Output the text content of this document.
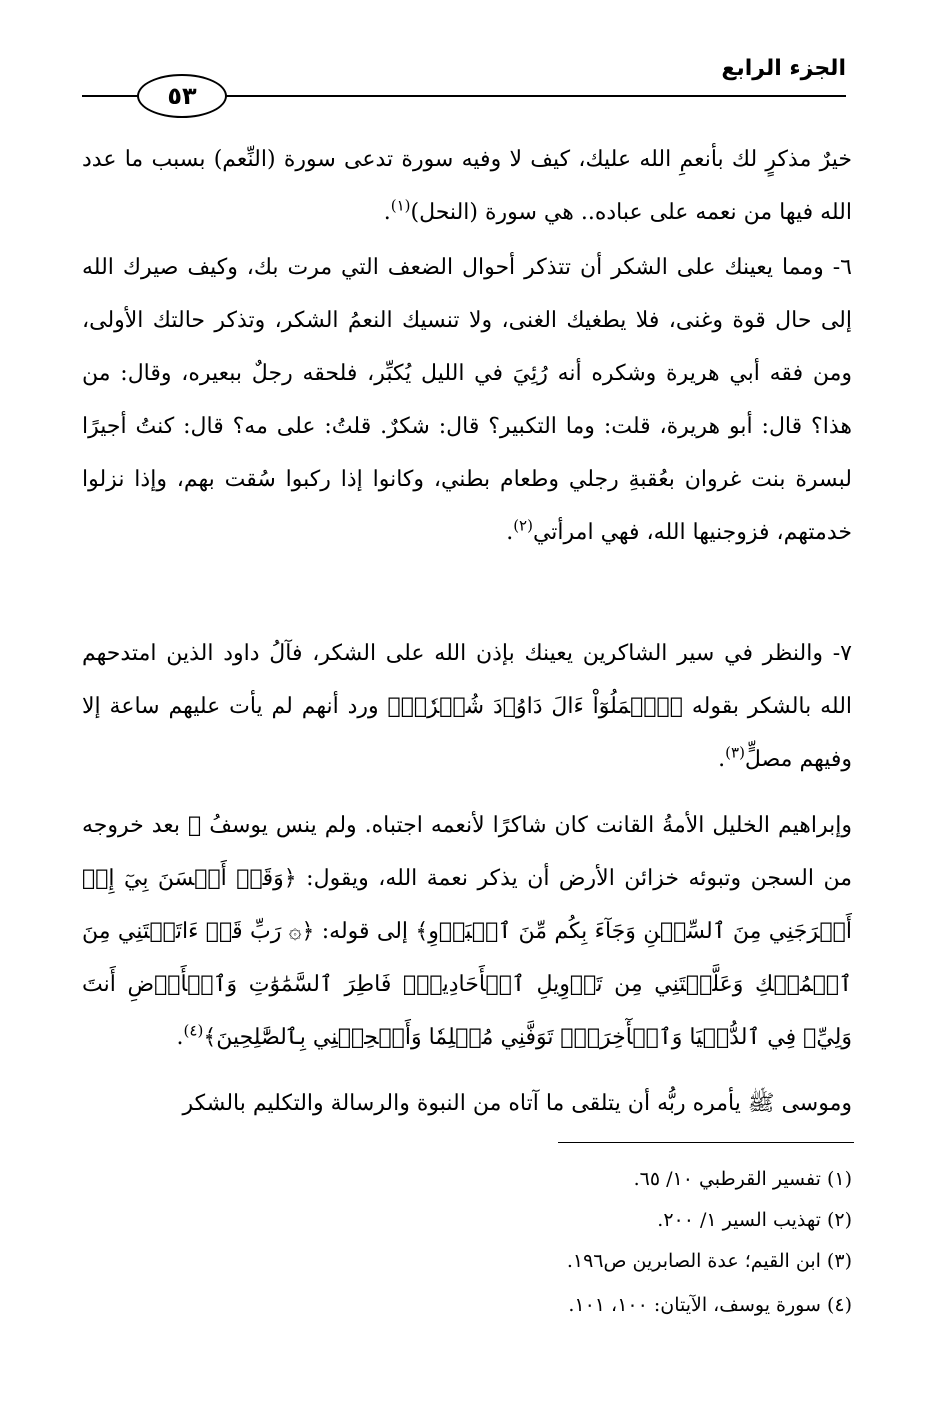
الجزء الرابع
٥٣

خيرٌ مذكرٍ لك بأنعمِ الله عليك، كيف لا وفيه سورة تدعى سورة (النِّعم) بسبب ما عدد الله فيها من نعمه على عباده.. هي سورة (النحل)$^{(١)}$.

٦- ومما يعينك على الشكر أن تتذكر أحوال الضعف التي مرت بك، وكيف صيرك الله إلى حال قوة وغنى، فلا يطغيك الغنى، ولا تنسيك النعمُ الشكر، وتذكر حالتك الأولى، ومن فقه أبي هريرة وشكره أنه رُئِيَ في الليل يُكبِّر، فلحقه رجلٌ ببعيره، وقال: من هذا؟ قال: أبو هريرة، قلت: وما التكبير؟ قال: شكرٌ. قلتُ: على مه؟ قال: كنتُ أجيرًا لبسرة بنت غروان بعُقبةِ رجلي وطعام بطني، وكانوا إذا ركبوا سُقت بهم، وإذا نزلوا خدمتهم، فزوجنيها الله، فهي امرأتي$^{(٢)}$.

٧- والنظر في سير الشاكرين يعينك بإذن الله على الشكر، فآلُ داود الذين امتدحهم الله بالشكر بقوله ﴿ٱعۡمَلُوٓاْ ءَالَ دَاوُۥدَ شُكۡرٗاۚ﴾ ورد أنهم لم يأت عليهم ساعة إلا وفيهم مصلٍّ$^{(٣)}$.

وإبراهيم الخليل الأمةُ القانت كان شاكرًا لأنعمه اجتباه. ولم ينس يوسفُ ﷺ بعد خروجه من السجن وتبوئه خزائن الأرض أن يذكر نعمة الله، ويقول: ﴿وَقَدۡ أَحۡسَنَ بِيٓ إِذۡ أَخۡرَجَنِي مِنَ ٱلسِّجۡنِ وَجَآءَ بِكُم مِّنَ ٱلۡبَدۡوِ﴾ إلى قوله: ﴿۞ رَبِّ قَدۡ ءَاتَيۡتَنِي مِنَ ٱلۡمُلۡكِ وَعَلَّمۡتَنِي مِن تَأۡوِيلِ ٱلۡأَحَادِيثِۚ فَاطِرَ ٱلسَّمَٰوَٰتِ وَٱلۡأَرۡضِ أَنتَ وَلِيِّۦ فِي ٱلدُّنۡيَا وَٱلۡأٓخِرَةِۖ تَوَفَّنِي مُسۡلِمٗا وَأَلۡحِقۡنِي بِٱلصَّٰلِحِينَ﴾$^{(٤)}$.

وموسى ﷺ يأمره ربُّه أن يتلقى ما آتاه من النبوة والرسالة والتكليم بالشكر

(١) تفسير القرطبي ١٠/ ٦٥.
(٢) تهذيب السير ١/ ٢٠٠.
(٣) ابن القيم؛ عدة الصابرين ص١٩٦.
(٤) سورة يوسف، الآيتان: ١٠٠، ١٠١.
